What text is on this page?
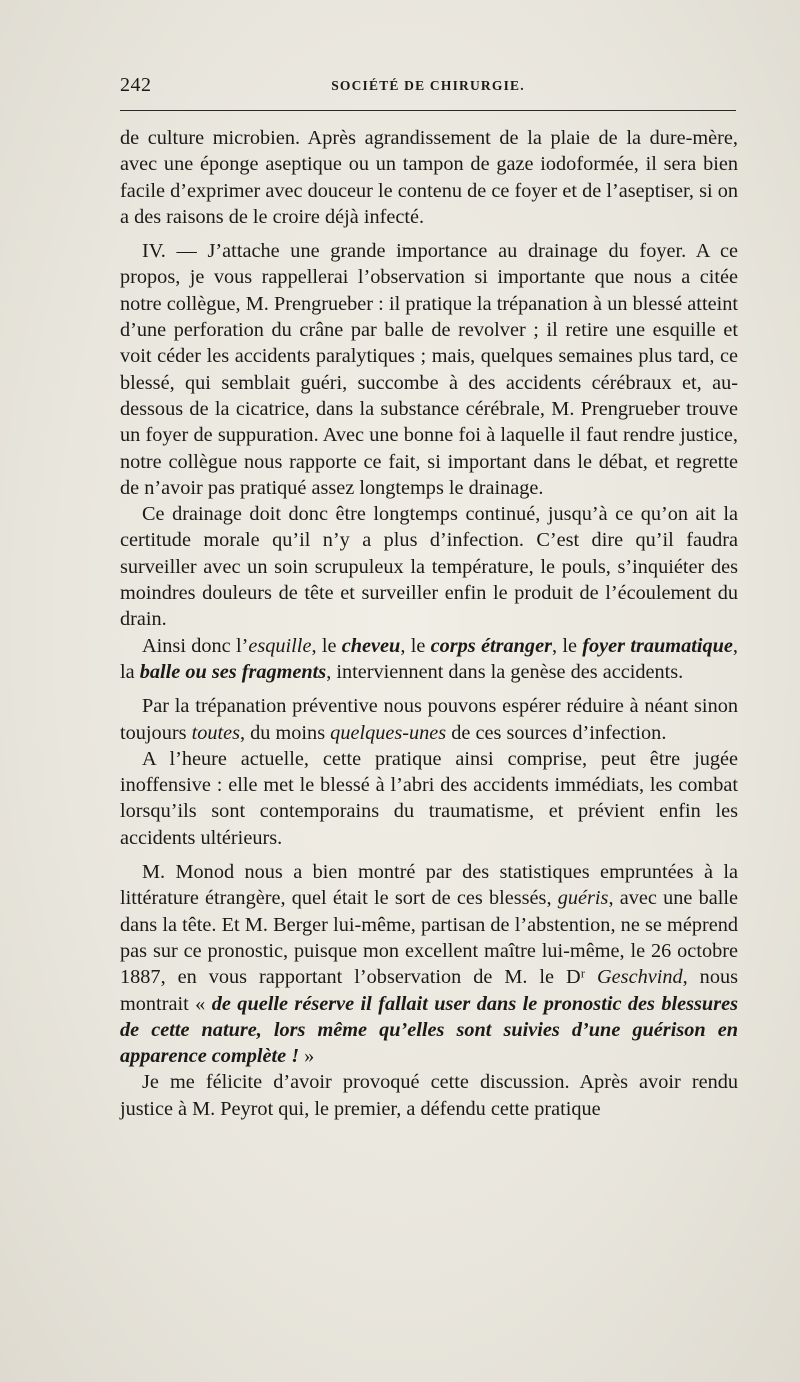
242	SOCIÉTÉ DE CHIRURGIE.

de culture microbien. Après agrandissement de la plaie de la dure-mère, avec une éponge aseptique ou un tampon de gaze iodoformée, il sera bien facile d’exprimer avec douceur le contenu de ce foyer et de l’aseptiser, si on a des raisons de le croire déjà infecté.

IV. — J’attache une grande importance au drainage du foyer. A ce propos, je vous rappellerai l’observation si importante que nous a citée notre collègue, M. Prengrueber : il pratique la trépanation à un blessé atteint d’une perforation du crâne par balle de revolver ; il retire une esquille et voit céder les accidents paralytiques ; mais, quelques semaines plus tard, ce blessé, qui semblait guéri, succombe à des accidents cérébraux et, au-dessous de la cicatrice, dans la substance cérébrale, M. Prengrueber trouve un foyer de suppuration. Avec une bonne foi à laquelle il faut rendre justice, notre collègue nous rapporte ce fait, si important dans le débat, et regrette de n’avoir pas pratiqué assez longtemps le drainage.

Ce drainage doit donc être longtemps continué, jusqu’à ce qu’on ait la certitude morale qu’il n’y a plus d’infection. C’est dire qu’il faudra surveiller avec un soin scrupuleux la température, le pouls, s’inquiéter des moindres douleurs de tête et surveiller enfin le produit de l’écoulement du drain.

Ainsi donc l’esquille, le cheveu, le corps étranger, le foyer traumatique, la balle ou ses fragments, interviennent dans la genèse des accidents.

Par la trépanation préventive nous pouvons espérer réduire à néant sinon toujours toutes, du moins quelques-unes de ces sources d’infection.

A l’heure actuelle, cette pratique ainsi comprise, peut être jugée inoffensive : elle met le blessé à l’abri des accidents immédiats, les combat lorsqu’ils sont contemporains du traumatisme, et prévient enfin les accidents ultérieurs.

M. Monod nous a bien montré par des statistiques empruntées à la littérature étrangère, quel était le sort de ces blessés, guéris, avec une balle dans la tête. Et M. Berger lui-même, partisan de l’abstention, ne se méprend pas sur ce pronostic, puisque mon excellent maître lui-même, le 26 octobre 1887, en vous rapportant l’observation de M. le Dʳ Geschvind, nous montrait « de quelle réserve il fallait user dans le pronostic des blessures de cette nature, lors même qu’elles sont suivies d’une guérison en apparence complète ! »

Je me félicite d’avoir provoqué cette discussion. Après avoir rendu justice à M. Peyrot qui, le premier, a défendu cette pratique
